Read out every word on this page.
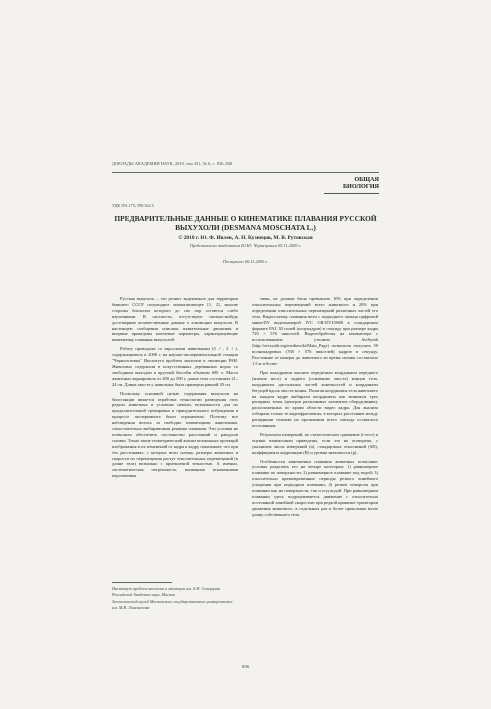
ДОКЛАДЫ АКАДЕМИИ НАУК, 2010, том 431, № 6, с. 836–840
ОБЩАЯ
БИОЛОГИЯ
УДК 591.175; 599.362.5
ПРЕДВАРИТЕЛЬНЫЕ ДАННЫЕ О КИНЕМАТИКЕ ПЛАВАНИЯ РУССКОЙ ВЫХУХОЛИ (DESMANA MOSCHATA L.)
© 2010 г. Ю. Ф. Ивлев, А. Н. Кузнецов, М. В. Рутовская
Представлено академиком Ю.Ю. Чернецовым 05.11.2009 г.
Поступило 06.11.2009 г.

Русская выхухоль – это реликт эндемичное для территории бывшего СССР полуводное млекопитающее [1, 2], многие стороны биологии которого до сих пор остаются слабо изученными. В частности, отсутствуют сколько-нибудь достоверные количественные данные о локомоции выхухоли. В настоящем сообщении описаны плавательные движения и впервые приведены ключевые параметры, характеризующие кинематику плавания выхухолей.

Работу проводили со взрослыми животными (3 ♂, 2 ♀), содержащимися в 2008 г. на научно-экспериментальной станции "Черноголовка" Института проблем экологии и эволюции РАН. Животных содержали в искусственных деревянных норах со свободным выходом в круглый бассейн объемом 600 л. Масса животных варьировала от 400 до 500 г, длина тела составляла 21–24 см. Длина хвоста у животных была примерно равной 20 см.

Поскольку основной целью содержания выхухоли на биостанции является отработка технологии разведения этих редких животных в условиях неволи, возможности для их продолжительной тренировки и принудительного побуждения в процессе эксперимента были ограничены. Поэтому все наблюдения велись за свободно плавающими животными, самостоятельно выбиравшими режимы плавания. Эти условия не позволили обеспечить постоянство расстояний и ракурсов съемки. Точно такие геометрический анализ возможных проекций изображения и их изменений от кадра к кадру показывает, что при тех расстояниях, с которых вели съемку, размеры животных и скорости их перемещения растут относительных перемещений (в длине тела) возможно с приемлемой точностью. А именно, систематическая погрешность, вызванная искажениями перспективы

тивы, не должна была превышать 10% при определении относительных перемещений всего животного и 20% при определении относительных перемещений различных частей его тела. Видеосъемку плавания вели с подводного оконца цифровой мини-DV видеокамерой JVC GR-DVL9600 в стандартном формате PAL 30 полей (полукадров) в секунду при размере кадра 720 × 576 пикселей. Видеообработка на компьютере с использованием утилиты AviSynth (http://avisynth.org/mediawiki/Main_Page) позволила получить 50 полнокадровых (768 × 576 пикселей) кадров в секунду. Расстояние от камеры до животного во время съемки составляло 1.5 м и более.

При покадровом анализе определяли координаты переднего (кончик носа) и заднего (основание хвоста) концов тела, координаты дистальных частей конечностей и координаты бегущей вдоль хвоста волны. Полагая координаты тела животного на каждом кадре выбирали координаты как минимум трех реперных точек (центров различимых элементов оборудования), расположенных по краям области видео кадра. Для анализа отбирали только те видеофрагменты, в которых расстояние между реперными точками на протяжении всего эпизода оставалось постоянным.

Результаты измерений, их статистическое сравнение (t-тест) и оценки взаимосвязи приведены, если это не оговорено, с указанием числа измерений (n), стандартных отклонений (SD), коэффициента корреляции (R) и уровня значимости (p).

Особенности кинематики плавания животных позволяют условно разделить его на четыре категории: 1) равномерное плавание по поверхности; 2) равномерное плавание под водой; 3) относительно кратковременные периоды резкого линейного ускорения при подводном плавании; 4) резкие повороты при плавании как на поверхности, так и под водой. При равномерном плавании здесь подразумевается движение с относительно постоянной линейной скоростью при редкой кривизне траектории движения животного, в отдельных раз в более прошлыми возле длину собственного тела.

Институт проблем экологии и эволюции им. А.Н. Северцова Российской Академии наук, Москва
Зоологический музей Московского государственного университета им. М.В. Ломоносова
836
